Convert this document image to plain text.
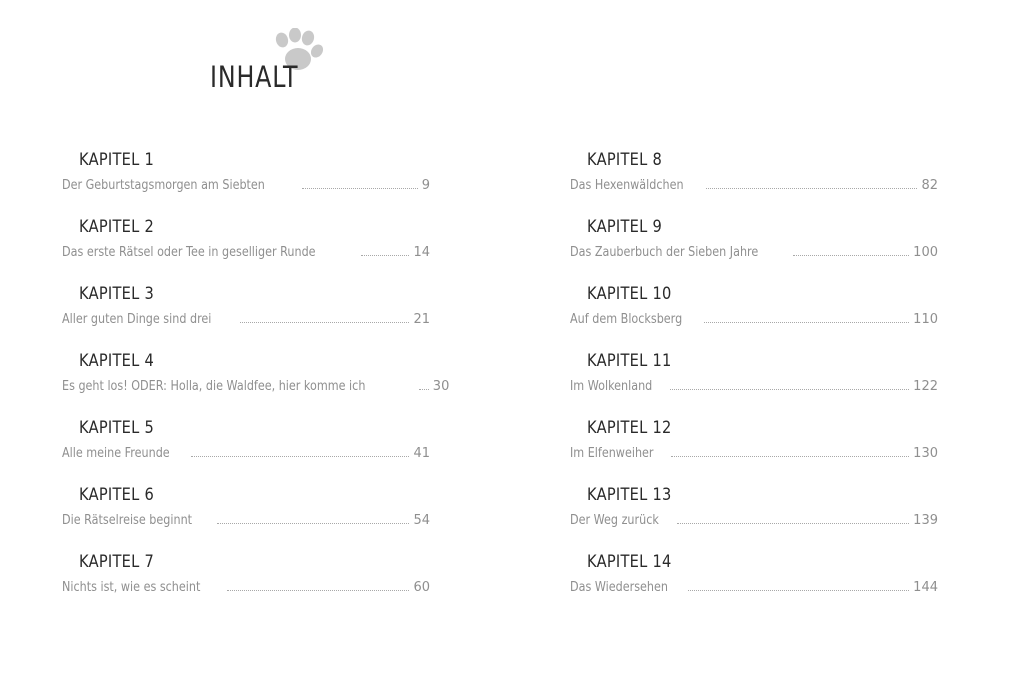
INHALT
KAPITEL 1
Der Geburtstagsmorgen am Siebten	9
KAPITEL 2
Das erste Rätsel oder Tee in geselliger Runde	14
KAPITEL 3
Aller guten Dinge sind drei	21
KAPITEL 4
Es geht los! ODER: Holla, die Waldfee, hier komme ich	30
KAPITEL 5
Alle meine Freunde	41
KAPITEL 6
Die Rätselreise beginnt	54
KAPITEL 7
Nichts ist, wie es scheint	60
KAPITEL 8
Das Hexenwäldchen	82
KAPITEL 9
Das Zauberbuch der Sieben Jahre	100
KAPITEL 10
Auf dem Blocksberg	110
KAPITEL 11
Im Wolkenland	122
KAPITEL 12
Im Elfenweiher	130
KAPITEL 13
Der Weg zurück	139
KAPITEL 14
Das Wiedersehen	144
